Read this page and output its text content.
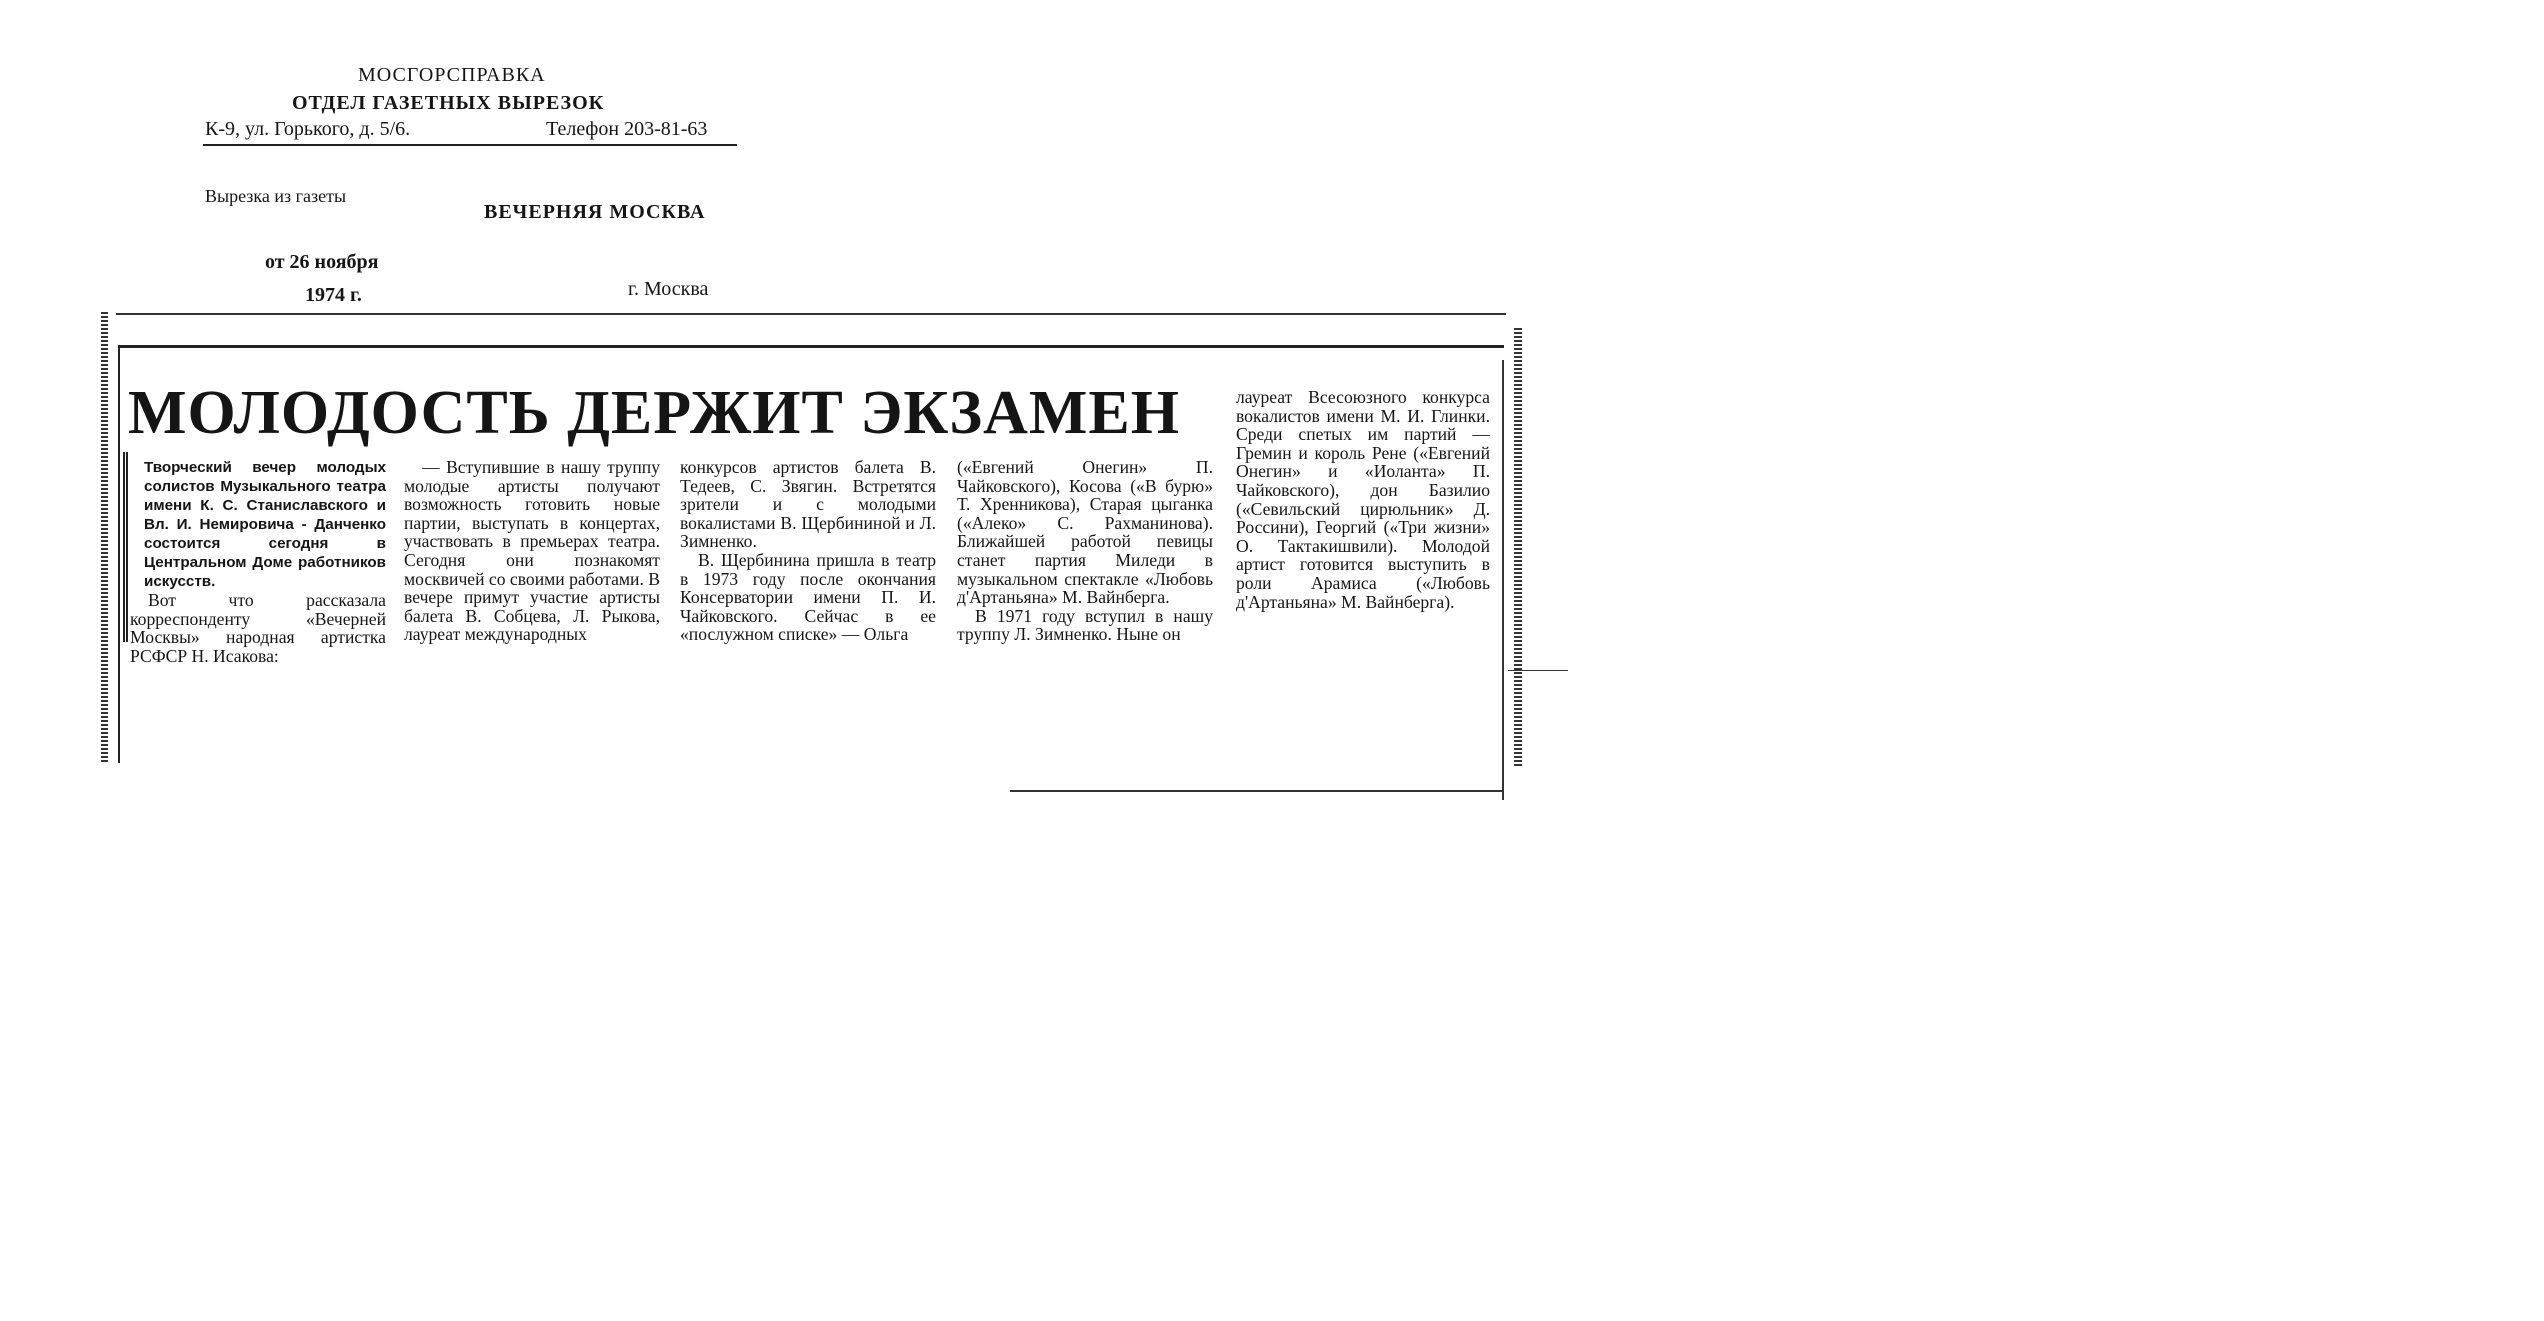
МОСГОРСПРАВКА
ОТДЕЛ ГАЗЕТНЫХ ВЫРЕЗОК
К-9, ул. Горького, д. 5/6.	Телефон 203-81-63
Вырезка из газеты
ВЕЧЕРНЯЯ МОСКВА
от 26 ноября
1974 г.	г. Москва
МОЛОДОСТЬ ДЕРЖИТ ЭКЗАМЕН
Творческий вечер молодых солистов Музыкального театра имени К. С. Станиславского и Вл. И. Немировича - Данченко состоится сегодня в Центральном Доме работников искусств.

Вот что рассказала корреспонденту «Вечерней Москвы» народная артистка РСФСР Н. Исакова:

— Вступившие в нашу труппу молодые артисты получают возможность готовить новые партии, выступать в концертах, участвовать в премьерах театра. Сегодня они познакомят москвичей со своими работами. В вечере примут участие артисты балета В. Собцева, Л. Рыкова, лауреат международных

конкурсов артистов балета В. Тедеев, С. Звягин. Встретятся зрители и с молодыми вокалистами В. Щербининой и Л. Зимненко.

В. Щербинина пришла в театр в 1973 году после окончания Консерватории имени П. И. Чайковского. Сейчас в ее «послужном списке» — Ольга

(«Евгений Онегин» П. Чайковского), Косова («В бурю» Т. Хренникова), Старая цыганка («Алеко» С. Рахманинова). Ближайшей работой певицы станет партия Миледи в музыкальном спектакле «Любовь д'Артаньяна» М. Вайнберга.

В 1971 году вступил в нашу труппу Л. Зимненко. Ныне он

лауреат Всесоюзного конкурса вокалистов имени М. И. Глинки. Среди спетых им партий — Гремин и король Рене («Евгений Онегин» и «Иоланта» П. Чайковского), дон Базилио («Севильский цирюльник» Д. Россини), Георгий («Три жизни» О. Тактакишвили). Молодой артист готовится выступить в роли Арамиса («Любовь д'Артаньяна» М. Вайнберга).
